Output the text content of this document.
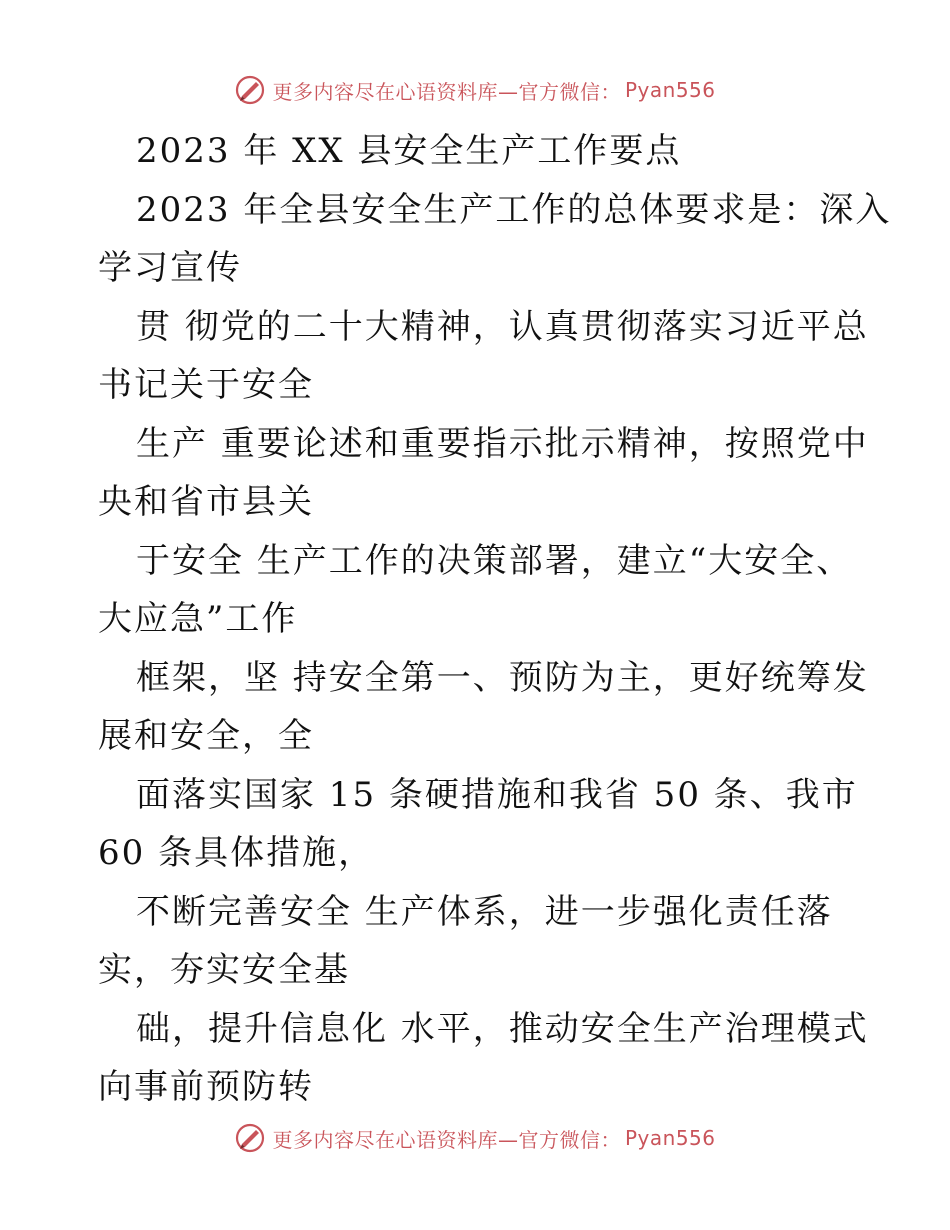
更多内容尽在心语资料库—官方微信： Pyan556
2023 年 XX 县安全生产工作要点
2023 年全县安全生产工作的总体要求是：深入
学习宣传
贯 彻党的二十大精神，认真贯彻落实习近平总
书记关于安全
生产 重要论述和重要指示批示精神，按照党中
央和省市县关
于安全 生产工作的决策部署，建立“大安全、
大应急”工作
框架，坚 持安全第一、预防为主，更好统筹发
展和安全，全
面落实国家 15 条硬措施和我省 50 条、我市
60 条具体措施，
不断完善安全 生产体系，进一步强化责任落
实，夯实安全基
础，提升信息化 水平，推动安全生产治理模式
向事前预防转
更多内容尽在心语资料库—官方微信： Pyan556
